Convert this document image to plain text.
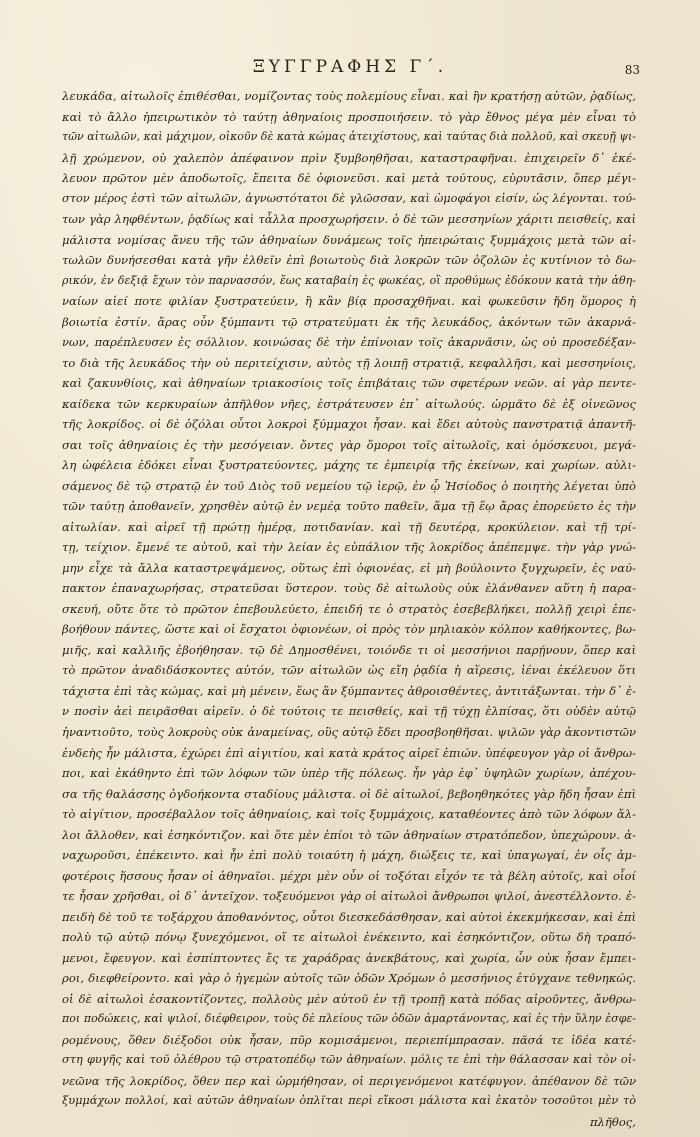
ΞΥΓΓΡΑΦΗΣ Γ΄.	83
λευκάδα, αἰτωλοῖς ἐπιθέσθαι, νομίζοντας τοὺς πολεμίους εἶναι. καὶ ἢν κρατήσῃ αὐτῶν, ῥᾳδίως,
καὶ τὸ ἄλλο ἠπειρωτικὸν τὸ ταύτῃ ἀθηναίοις προσποιήσειν. τὸ γὰρ ἔθνος μέγα μὲν εἶναι τὸ
τῶν αἰτωλῶν, καὶ μάχιμον, οἰκοῦν δὲ κατὰ κώμας ἀτειχίστους, καὶ ταύτας διὰ πολλοῦ, καὶ σκευῇ ψι-
λῇ χρώμενον, οὐ χαλεπὸν ἀπέφαινον πρὶν ξυμβοηθῆσαι, καταστραφῆναι. ἐπιχειρεῖν δ᾽ ἐκέ-
λευον πρῶτον μὲν ἀποδωτοῖς, ἔπειτα δὲ ὀφιονεῦσι. καὶ μετὰ τούτους, εὐρυτᾶσιν, ὅπερ μέγι-
στον μέρος ἐστὶ τῶν αἰτωλῶν, ἀγνωστότατοι δὲ γλῶσσαν, καὶ ὠμοφάγοι εἰσίν, ὡς λέγονται. τού-
των γὰρ ληφθέντων, ῥᾳδίως καὶ τἆλλα προσχωρήσειν. ὁ δὲ τῶν μεσσηνίων χάριτι πεισθείς, καὶ
μάλιστα νομίσας ἄνευ τῆς τῶν ἀθηναίων δυνάμεως τοῖς ἠπειρώταις ξυμμάχοις μετὰ τῶν αἰ-
τωλῶν δυνήσεσθαι κατὰ γῆν ἐλθεῖν ἐπὶ βοιωτοὺς διὰ λοκρῶν τῶν ὀζολῶν ἐς κυτίνιον τὸ δω-
ρικόν, ἐν δεξιᾷ ἔχων τὸν παρνασσόν, ἕως καταβαίη ἐς φωκέας, οἳ προθύμως ἐδόκουν κατὰ τὴν ἀθη-
ναίων αἰεί ποτε φιλίαν ξυστρατεύειν, ἢ κἂν βίᾳ προσαχθῆναι. καὶ φωκεῦσιν ἤδη ὅμορος ἡ
βοιωτία ἐστίν. ἄρας οὖν ξύμπαντι τῷ στρατεύματι ἐκ τῆς λευκάδος, ἀκόντων τῶν ἀκαρνά-
νων, παρέπλευσεν ἐς σόλλιον. κοινώσας δὲ τὴν ἐπίνοιαν τοῖς ἀκαρνᾶσιν, ὡς οὐ προσεδέξαν-
το διὰ τῆς λευκάδος τὴν οὐ περιτείχισιν, αὐτὸς τῇ λοιπῇ στρατιᾷ, κεφαλλῆσι, καὶ μεσσηνίοις,
καὶ ζακυνθίοις, καὶ ἀθηναίων τριακοσίοις τοῖς ἐπιβάταις τῶν σφετέρων νεῶν. αἱ γὰρ πεντε-
καίδεκα τῶν κερκυραίων ἀπῆλθον νῆες, ἐστράτευσεν ἐπ᾽ αἰτωλούς. ὡρμᾶτο δὲ ἐξ οἰνεῶνος
τῆς λοκρίδος. οἱ δὲ ὀζόλαι οὗτοι λοκροὶ ξύμμαχοι ἦσαν. καὶ ἔδει αὐτοὺς πανστρατιᾷ ἀπαντῆ-
σαι τοῖς ἀθηναίοις ἐς τὴν μεσόγειαν. ὄντες γὰρ ὅμοροι τοῖς αἰτωλοῖς, καὶ ὁμόσκευοι, μεγά-
λη ὠφέλεια ἐδόκει εἶναι ξυστρατεύοντες, μάχης τε ἐμπειρίᾳ τῆς ἐκείνων, καὶ χωρίων. αὐλι-
σάμενος δὲ τῷ στρατῷ ἐν τοῦ Διὸς τοῦ νεμείου τῷ ἱερῷ, ἐν ᾧ Ἡσίοδος ὁ ποιητὴς λέγεται ὑπὸ
τῶν ταύτῃ ἀποθανεῖν, χρησθὲν αὐτῷ ἐν νεμέᾳ τοῦτο παθεῖν, ἅμα τῇ ἕῳ ἄρας ἐπορεύετο ἐς τὴν
αἰτωλίαν. καὶ αἱρεῖ τῇ πρώτῃ ἡμέρᾳ, ποτιδανίαν. καὶ τῇ δευτέρᾳ, κροκύλειον. καὶ τῇ τρί-
τῃ, τείχιον. ἔμενέ τε αὐτοῦ, καὶ τὴν λείαν ἐς εὐπάλιον τῆς λοκρίδος ἀπέπεμψε. τὴν γὰρ γνώ-
μην εἶχε τὰ ἄλλα καταστρεψάμενος, οὕτως ἐπὶ ὀφιονέας, εἰ μὴ βούλοιντο ξυγχωρεῖν, ἐς ναύ-
πακτον ἐπαναχωρήσας, στρατεῦσαι ὕστερον. τοὺς δὲ αἰτωλοὺς οὐκ ἐλάνθανεν αὕτη ἡ παρα-
σκευή, οὔτε ὅτε τὸ πρῶτον ἐπεβουλεύετο, ἐπειδή τε ὁ στρατὸς ἐσεβεβλήκει, πολλῇ χειρὶ ἐπε-
βοήθουν πάντες, ὥστε καὶ οἱ ἔσχατοι ὀφιονέων, οἱ πρὸς τὸν μηλιακὸν κόλπον καθήκοντες, βω-
μιῆς, καὶ καλλιῆς ἐβοήθησαν. τῷ δὲ Δημοσθένει, τοιόνδε τι οἱ μεσσήνιοι παρῄνουν, ὅπερ καὶ
τὸ πρῶτον ἀναδιδάσκοντες αὐτόν, τῶν αἰτωλῶν ὡς εἴη ῥᾳδία ἡ αἵρεσις, ἰέναι ἐκέλευον ὅτι
τάχιστα ἐπὶ τὰς κώμας, καὶ μὴ μένειν, ἕως ἂν ξύμπαντες ἁθροισθέντες, ἀντιτάξωνται. τὴν δ᾽ ἐ-
ν ποσὶν ἀεὶ πειρᾶσθαι αἱρεῖν. ὁ δὲ τούτοις τε πεισθείς, καὶ τῇ τύχῃ ἐλπίσας, ὅτι οὐδὲν αὐτῷ
ἠναντιοῦτο, τοὺς λοκροὺς οὐκ ἀναμείνας, οὓς αὐτῷ ἔδει προσβοηθῆσαι. ψιλῶν γὰρ ἀκοντιστῶν
ἐνδεὴς ἦν μάλιστα, ἐχώρει ἐπὶ αἰγιτίου, καὶ κατὰ κράτος αἱρεῖ ἐπιών. ὑπέφευγον γὰρ οἱ ἄνθρω-
ποι, καὶ ἐκάθηντο ἐπὶ τῶν λόφων τῶν ὑπὲρ τῆς πόλεως. ἦν γὰρ ἐφ᾽ ὑψηλῶν χωρίων, ἀπέχου-
σα τῆς θαλάσσης ὀγδοήκοντα σταδίους μάλιστα. οἱ δὲ αἰτωλοί, βεβοηθηκότες γὰρ ἤδη ἦσαν ἐπὶ
τὸ αἰγίτιον, προσέβαλλον τοῖς ἀθηναίοις, καὶ τοῖς ξυμμάχοις, καταθέοντες ἀπὸ τῶν λόφων ἄλ-
λοι ἄλλοθεν, καὶ ἐσηκόντιζον. καὶ ὅτε μὲν ἐπίοι τὸ τῶν ἀθηναίων στρατόπεδον, ὑπεχώρουν. ἀ-
ναχωροῦσι, ἐπέκειντο. καὶ ἦν ἐπὶ πολὺ τοιαύτη ἡ μάχη, διώξεις τε, καὶ ὑπαγωγαί, ἐν οἷς ἀμ-
φοτέροις ἥσσους ἦσαν οἱ ἀθηναῖοι. μέχρι μὲν οὖν οἱ τοξόται εἶχόν τε τὰ βέλη αὐτοῖς, καὶ οἷοί
τε ἦσαν χρῆσθαι, οἱ δ᾽ ἀντεῖχον. τοξευόμενοι γὰρ οἱ αἰτωλοὶ ἄνθρωποι ψιλοί, ἀνεστέλλοντο. ἐ-
πειδὴ δὲ τοῦ τε τοξάρχου ἀποθανόντος, οὗτοι διεσκεδάσθησαν, καὶ αὐτοὶ ἐκεκμήκεσαν, καὶ ἐπὶ
πολὺ τῷ αὐτῷ πόνῳ ξυνεχόμενοι, οἵ τε αἰτωλοὶ ἐνέκειντο, καὶ ἐσηκόντιζον, οὕτω δὴ τραπό-
μενοι, ἔφευγον. καὶ ἐσπίπτοντες ἔς τε χαράδρας ἀνεκβάτους, καὶ χωρία, ὧν οὐκ ἦσαν ἔμπει-
ροι, διεφθείροντο. καὶ γὰρ ὁ ἡγεμὼν αὐτοῖς τῶν ὁδῶν Χρόμων ὁ μεσσήνιος ἐτύγχανε τεθνηκώς.
οἱ δὲ αἰτωλοὶ ἐσακοντίζοντες, πολλοὺς μὲν αὐτοῦ ἐν τῇ τροπῇ κατὰ πόδας αἱροῦντες, ἄνθρω-
ποι ποδώκεις, καὶ ψιλοί, διέφθειρον, τοὺς δὲ πλείους τῶν ὁδῶν ἁμαρτάνοντας, καὶ ἐς τὴν ὕλην ἐσφε-
ρομένους, ὅθεν διέξοδοι οὐκ ἦσαν, πῦρ κομισάμενοι, περιεπίμπρασαν. πᾶσά τε ἰδέα κατέ-
στη φυγῆς καὶ τοῦ ὀλέθρου τῷ στρατοπέδῳ τῶν ἀθηναίων. μόλις τε ἐπὶ τὴν θάλασσαν καὶ τὸν οἰ-
νεῶνα τῆς λοκρίδος, ὅθεν περ καὶ ὡρμήθησαν, οἱ περιγενόμενοι κατέφυγον. ἀπέθανον δὲ τῶν
ξυμμάχων πολλοί, καὶ αὐτῶν ἀθηναίων ὁπλῖται περὶ εἴκοσι μάλιστα καὶ ἑκατὸν τοσοῦτοι μὲν τὸ
πλῆθος,
